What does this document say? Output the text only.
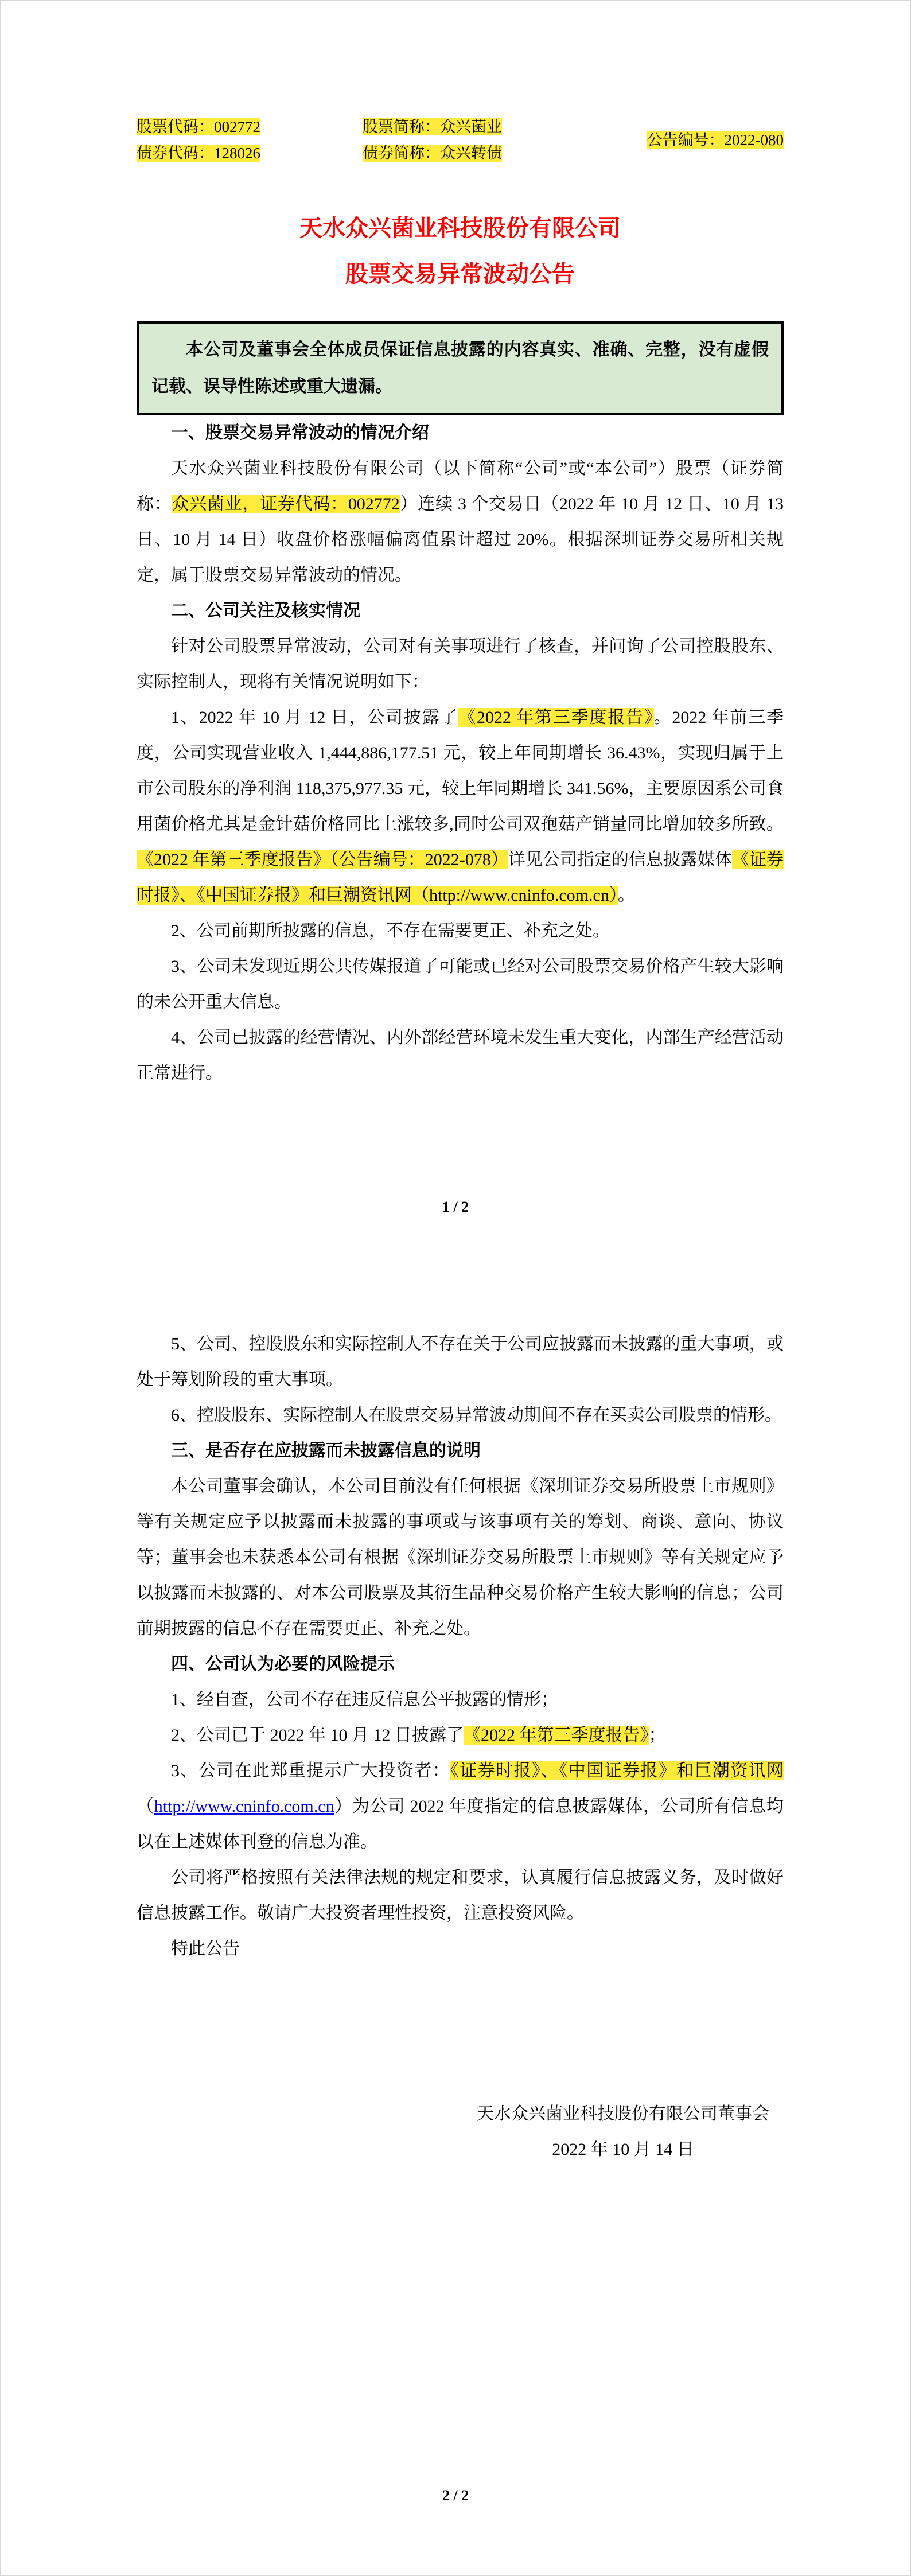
股票代码：002772
债券代码：128026
股票简称：众兴菌业
债券简称：众兴转债
公告编号：2022-080
天水众兴菌业科技股份有限公司
股票交易异常波动公告
本公司及董事会全体成员保证信息披露的内容真实、准确、完整，没有虚假记载、误导性陈述或重大遗漏。

一、股票交易异常波动的情况介绍

天水众兴菌业科技股份有限公司（以下简称“公司”或“本公司”）股票（证券简称：众兴菌业，证券代码：002772）连续 3 个交易日（2022 年 10 月 12 日、10 月 13 日、10 月 14 日）收盘价格涨幅偏离值累计超过 20%。根据深圳证券交易所相关规定，属于股票交易异常波动的情况。

二、公司关注及核实情况

针对公司股票异常波动，公司对有关事项进行了核查，并问询了公司控股股东、实际控制人，现将有关情况说明如下：

1、2022 年 10 月 12 日，公司披露了《2022 年第三季度报告》。2022 年前三季度，公司实现营业收入 1,444,886,177.51 元，较上年同期增长 36.43%，实现归属于上市公司股东的净利润 118,375,977.35 元，较上年同期增长 341.56%，主要原因系公司食用菌价格尤其是金针菇价格同比上涨较多,同时公司双孢菇产销量同比增加较多所致。《2022 年第三季度报告》（公告编号：2022-078）详见公司指定的信息披露媒体《证券时报》、《中国证券报》和巨潮资讯网（http://www.cninfo.com.cn）。

2、公司前期所披露的信息，不存在需要更正、补充之处。

3、公司未发现近期公共传媒报道了可能或已经对公司股票交易价格产生较大影响的未公开重大信息。

4、公司已披露的经营情况、内外部经营环境未发生重大变化，内部生产经营活动正常进行。

5、公司、控股股东和实际控制人不存在关于公司应披露而未披露的重大事项，或处于筹划阶段的重大事项。

6、控股股东、实际控制人在股票交易异常波动期间不存在买卖公司股票的情形。

三、是否存在应披露而未披露信息的说明

本公司董事会确认，本公司目前没有任何根据《深圳证券交易所股票上市规则》等有关规定应予以披露而未披露的事项或与该事项有关的筹划、商谈、意向、协议等；董事会也未获悉本公司有根据《深圳证券交易所股票上市规则》等有关规定应予以披露而未披露的、对本公司股票及其衍生品种交易价格产生较大影响的信息；公司前期披露的信息不存在需要更正、补充之处。

四、公司认为必要的风险提示

1、经自查，公司不存在违反信息公平披露的情形；

2、公司已于 2022 年 10 月 12 日披露了《2022 年第三季度报告》；

3、公司在此郑重提示广大投资者：《证券时报》、《中国证券报》和巨潮资讯网（http://www.cninfo.com.cn）为公司 2022 年度指定的信息披露媒体，公司所有信息均以在上述媒体刊登的信息为准。

公司将严格按照有关法律法规的规定和要求，认真履行信息披露义务，及时做好信息披露工作。敬请广大投资者理性投资，注意投资风险。

特此公告

天水众兴菌业科技股份有限公司董事会

2022 年 10 月 14 日

1 / 2
2 / 2
